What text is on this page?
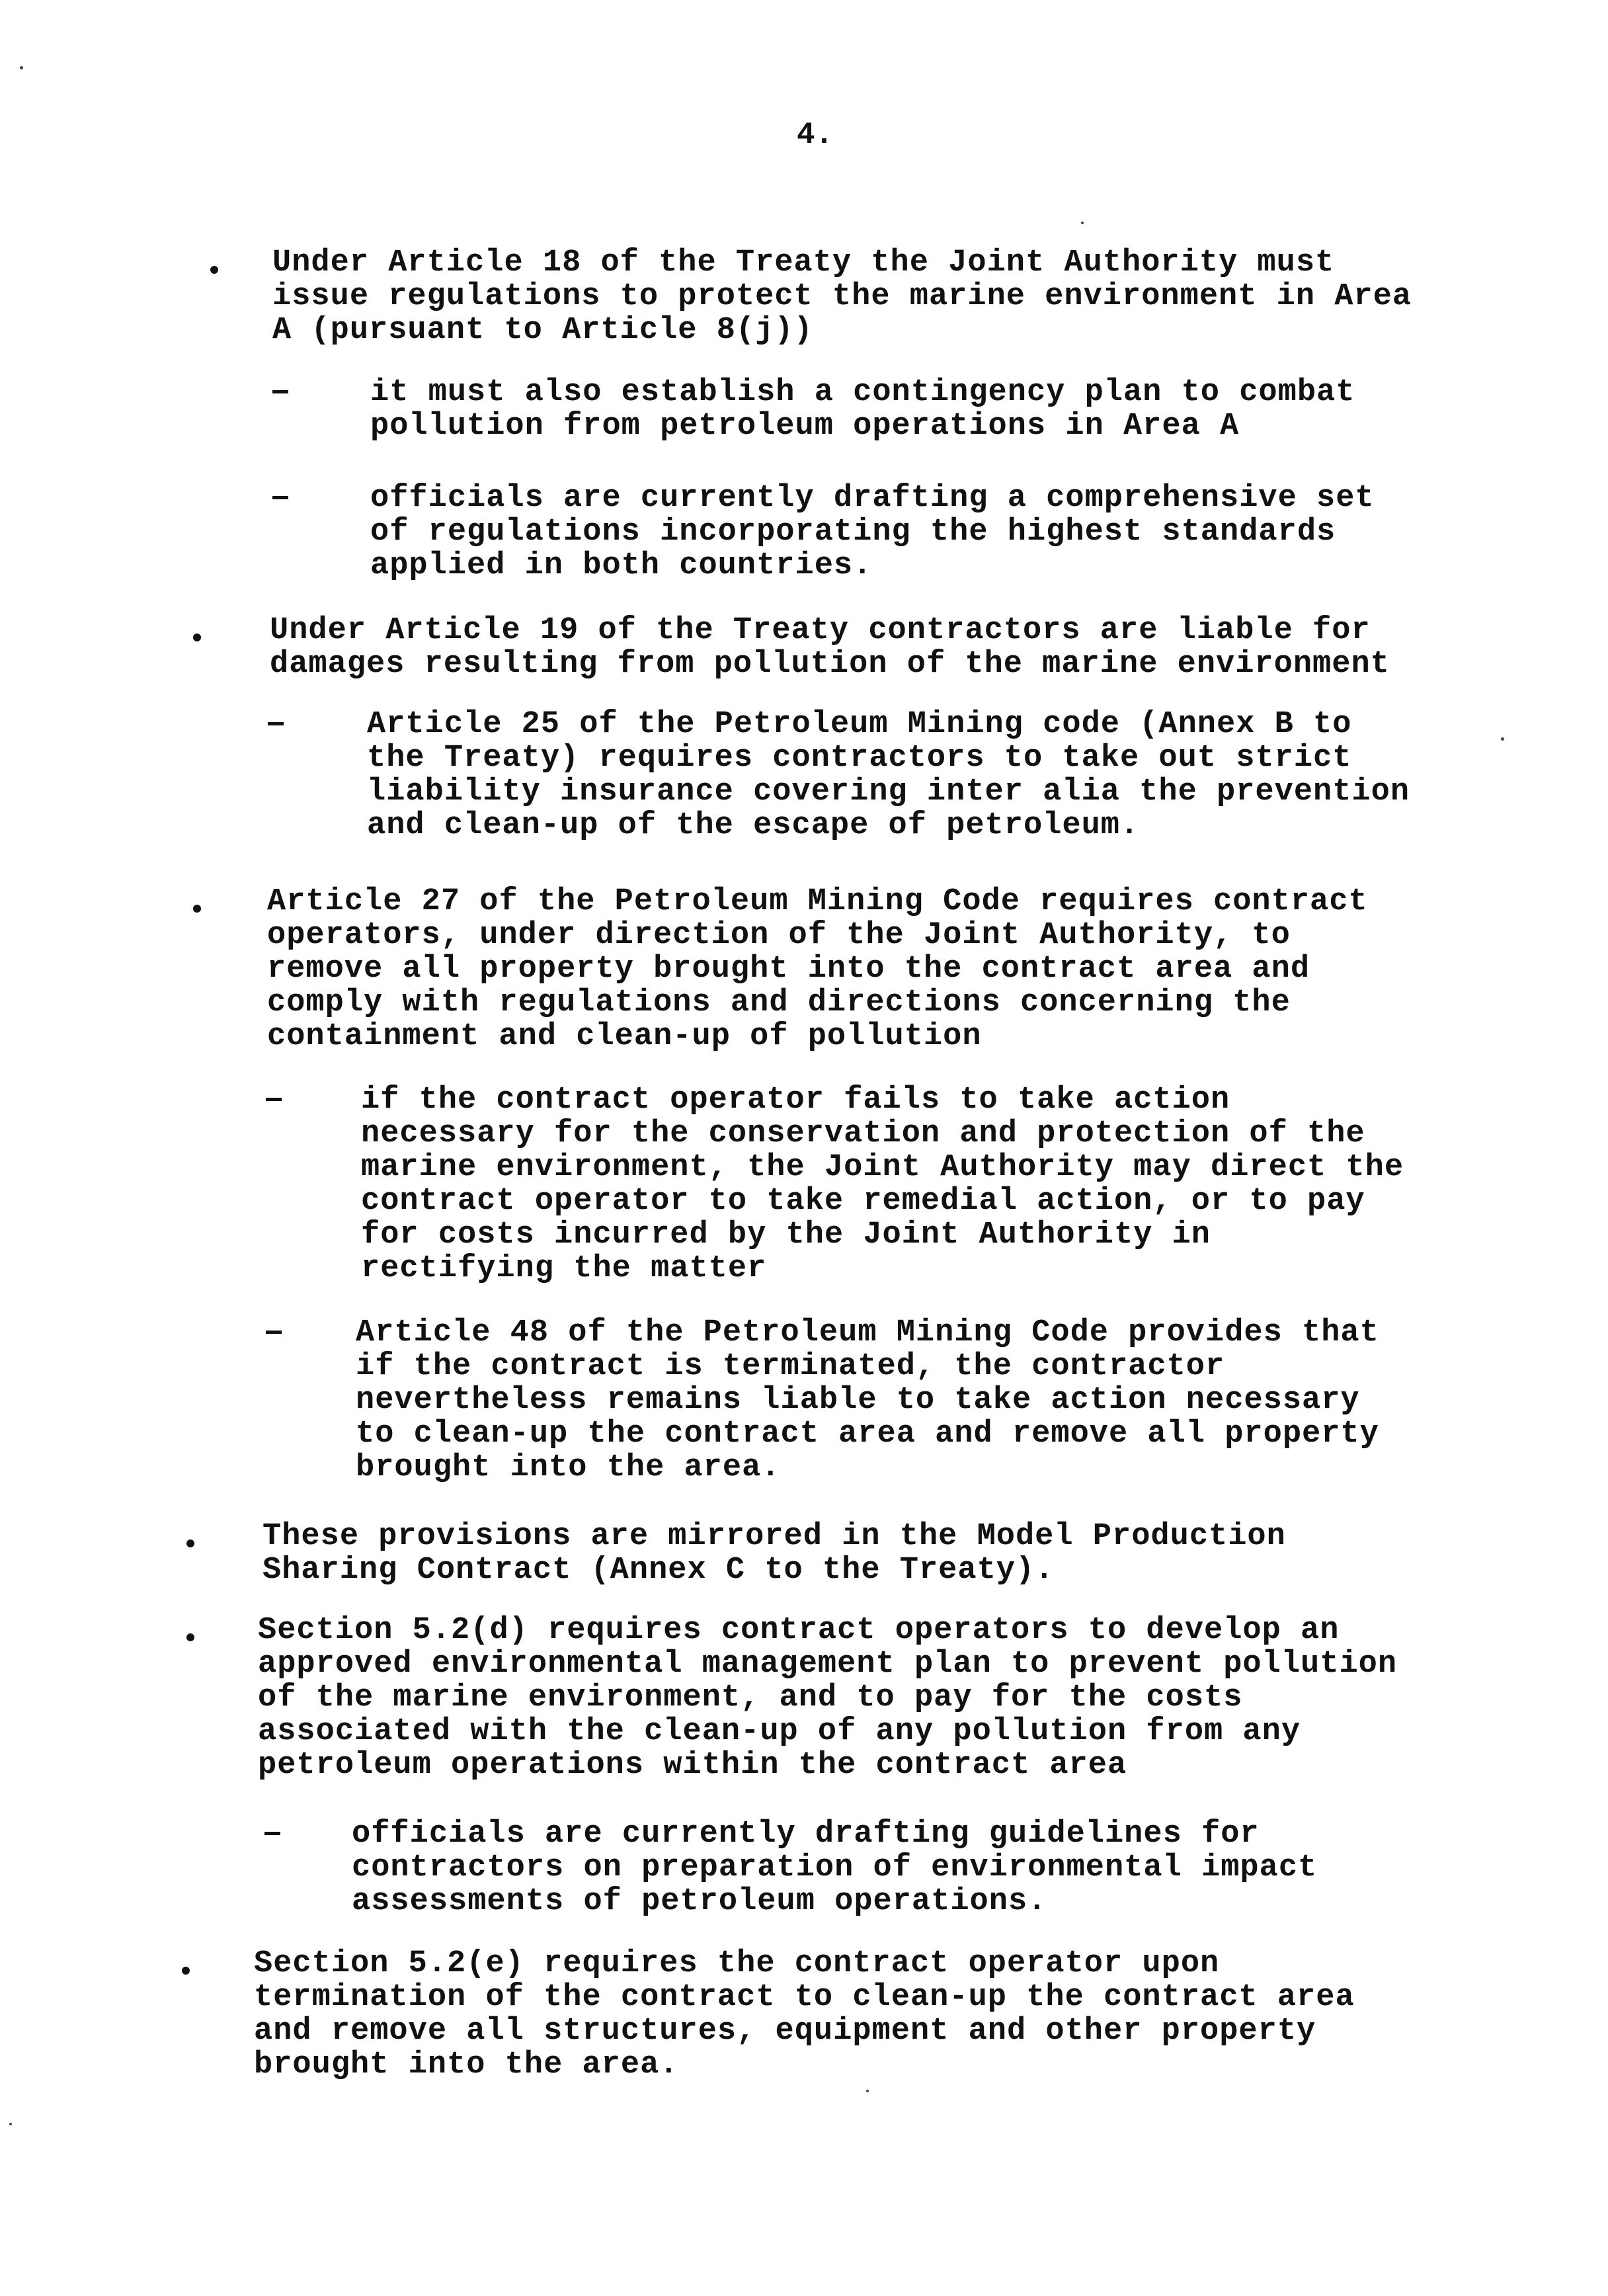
4.
Under Article 18 of the Treaty the Joint Authority must
issue regulations to protect the marine environment in Area
A (pursuant to Article 8(j))
it must also establish a contingency plan to combat
pollution from petroleum operations in Area A
officials are currently drafting a comprehensive set
of regulations incorporating the highest standards
applied in both countries.
Under Article 19 of the Treaty contractors are liable for
damages resulting from pollution of the marine environment
Article 25 of the Petroleum Mining code (Annex B to
the Treaty) requires contractors to take out strict
liability insurance covering inter alia the prevention
and clean-up of the escape of petroleum.
Article 27 of the Petroleum Mining Code requires contract
operators, under direction of the Joint Authority, to
remove all property brought into the contract area and
comply with regulations and directions concerning the
containment and clean-up of pollution
if the contract operator fails to take action
necessary for the conservation and protection of the
marine environment, the Joint Authority may direct the
contract operator to take remedial action, or to pay
for costs incurred by the Joint Authority in
rectifying the matter
Article 48 of the Petroleum Mining Code provides that
if the contract is terminated, the contractor
nevertheless remains liable to take action necessary
to clean-up the contract area and remove all property
brought into the area.
These provisions are mirrored in the Model Production
Sharing Contract (Annex C to the Treaty).
Section 5.2(d) requires contract operators to develop an
approved environmental management plan to prevent pollution
of the marine environment, and to pay for the costs
associated with the clean-up of any pollution from any
petroleum operations within the contract area
officials are currently drafting guidelines for
contractors on preparation of environmental impact
assessments of petroleum operations.
Section 5.2(e) requires the contract operator upon
termination of the contract to clean-up the contract area
and remove all structures, equipment and other property
brought into the area.
